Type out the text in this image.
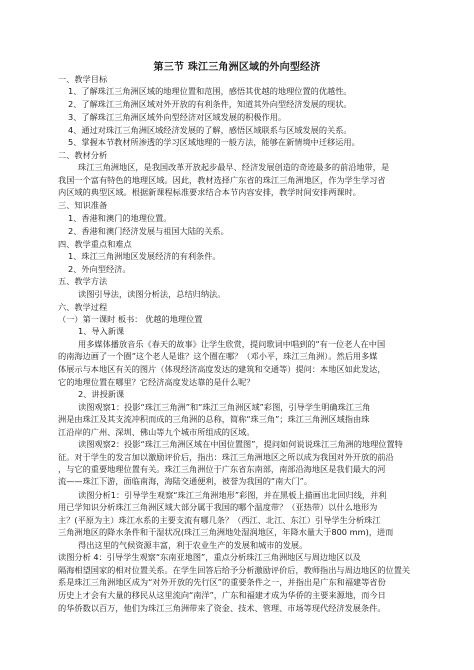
第三节 珠江三角洲区域的外向型经济
一、教学目标
1、了解珠江三角洲区域的地理位置和范围，感悟其优越的地理位置的优越性。
2、了解珠江三角洲区域对外开放的有利条件，知道其外向型经济发展的现状。
3、了解珠江三角洲区域外向型经济对区域发展的积极作用。
4、通过对珠江三角洲区域经济发展的了解，感悟区域联系与区域发展的关系。
5、掌握本节教材所渗透的学习区域地理的一般方法，能够在新情境中迁移运用。
二、教材分析
珠江三角洲地区，是我国改革开放起步最早、经济发展创造的奇迹最多的前沿地带，是
我国一个富有特色的地理区域。因此，教材选择广东省的珠江三角洲地区，作为学生学习省
内区域的典型区域。根据新课程标准要求结合本节内容安排，教学时间安排两课时。
三、知识准备
1、香港和澳门的地理位置。
2、香港和澳门经济发展与祖国大陆的关系。
四、教学重点和难点
1、珠江三角洲地区发展经济的有利条件。
2、外向型经济。
五、教学方法
读图引导法，读图分析法，总结归纳法。
六、教学过程
（一）第一课时 板书： 优越的地理位置
1、导入新课
用多媒体播放音乐《春天的故事》让学生欣赏，提问歌词中唱到的“有一位老人在中国
的南海边画了一个圈”这个老人是谁？这个圈在哪？（邓小平，珠江三角洲）。然后用多媒
体展示与本地区有关的图片（体现经济高度发达的建筑和交通等）提问：本地区如此发达，
它的地理位置在哪里？它经济高度发达靠的是什么呢？
2、讲授新课
读图观察1：投影“珠江三角洲”和“珠江三角洲区域”彩图，引导学生明确珠江三角
洲是由珠江及其支流冲积而成的三角洲的总称，简称“珠三角”；珠江三角洲区域指由珠
江沿岸的广州、深圳、佛山等九个城市所组成的区域。
读图观察2：投影“珠江三角洲区域在中国位置图”，提问如何说说珠江三角洲的地理位置特
征。对于学生的发言加以激励评价后，指出：珠江三角洲地区之所以成为我国对外开放的前沿
，与它的重要地理位置有关。珠江三角洲位于广东省东南部，南部沿海地区是我们最大的河
流——珠江下游，面临南海，海陆交通便利，被誉为我国的“南大门”。
读图分析1：引导学生观察“珠江三角洲地形”彩图，并在黑板上描画出北回归线，并利
用已学知识分析珠江三角洲区域大部分属于我国的哪个温度带？（亚热带）以什么地形为
主？(平原为主）珠江水系的主要支流有哪几条？（西江、北江、东江）引导学生分析珠江
三角洲地区的降水条件和干湿状况(珠江三角洲地处湿润地区，年降水量大于800 mm)，进而
得出这里的气候资源丰富，利于农业生产的发展和城市的发展。
读图分析 4：引导学生观察“东南亚地图”，重点分析珠江三角洲地区与周边地区以及
隔海相望国家的相对位置关系。在学生回答后给予分析激励评价后，教师指出与周边地区的位置关
系是珠江三角洲地区成为“对外开放的先行区”的重要条件之一，并指出是广东和福建等省份
历史上才会有大量的移民从这里流向“南洋”，广东和福建才成为华侨的主要来源地，而今日
的华侨数以百万，他们为珠江三角洲带来了资金、技术、管理、市场等现代经济发展条件。
